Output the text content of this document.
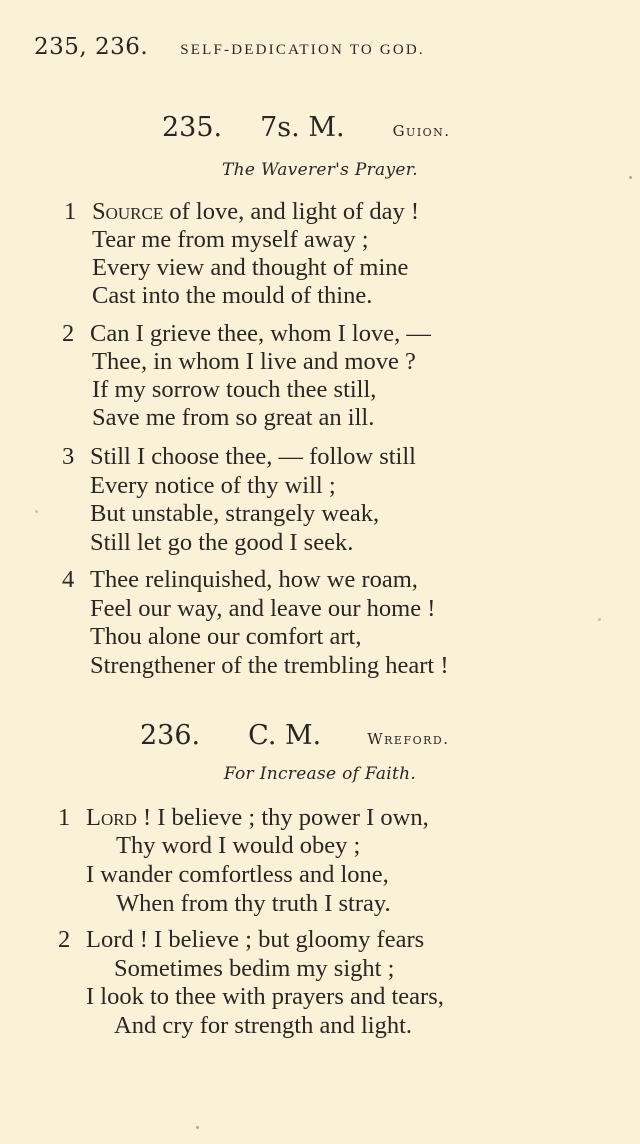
235, 236. SELF-DEDICATION TO GOD.
235. 7s. M.	Guion.
The Waverer's Prayer.
1 Source of love, and light of day !
Tear me from myself away ;
Every view and thought of mine
Cast into the mould of thine.
2 Can I grieve thee, whom I love, —
Thee, in whom I live and move ?
If my sorrow touch thee still,
Save me from so great an ill.
3 Still I choose thee, — follow still
Every notice of thy will ;
But unstable, strangely weak,
Still let go the good I seek.
4 Thee relinquished, how we roam,
Feel our way, and leave our home !
Thou alone our comfort art,
Strengthener of the trembling heart !
236. C. M.	Wreford.
For Increase of Faith.
1 Lord ! I believe ; thy power I own,
Thy word I would obey ;
I wander comfortless and lone,
When from thy truth I stray.
2 Lord ! I believe ; but gloomy fears
Sometimes bedim my sight ;
I look to thee with prayers and tears,
And cry for strength and light.
